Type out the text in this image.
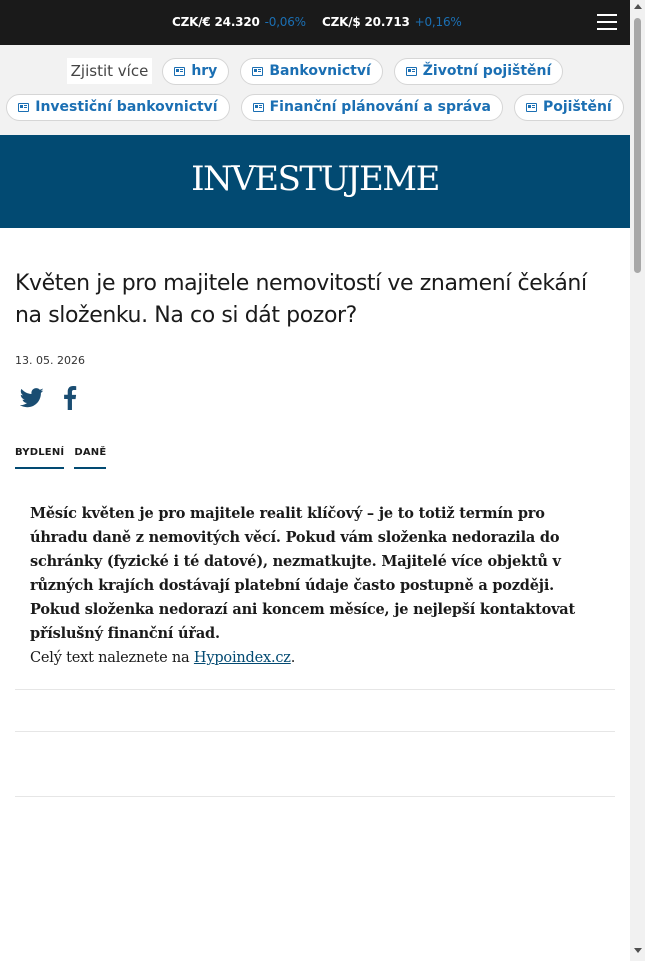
CZK/€ 24.320 -0,06% CZK/$ 20.713 +0,16%
Zjistit více	hry	Bankovnictví	Životní pojištění
Investiční bankovnictví	Finanční plánování a správa	Pojištění
INVESTUJEME
Květen je pro majitele nemovitostí ve znamení čekání na složenku. Na co si dát pozor?
13. 05. 2026
BYDLENÍ DANĚ

Měsíc květen je pro majitele realit klíčový – je to totiž termín pro úhradu daně z nemovitých věcí. Pokud vám složenka nedorazila do schránky (fyzické i té datové), nezmatkujte. Majitelé více objektů v různých krajích dostávají platební údaje často postupně a později. Pokud složenka nedorazí ani koncem měsíce, je nejlepší kontaktovat příslušný finanční úřad.

Celý text naleznete na Hypoindex.cz.
